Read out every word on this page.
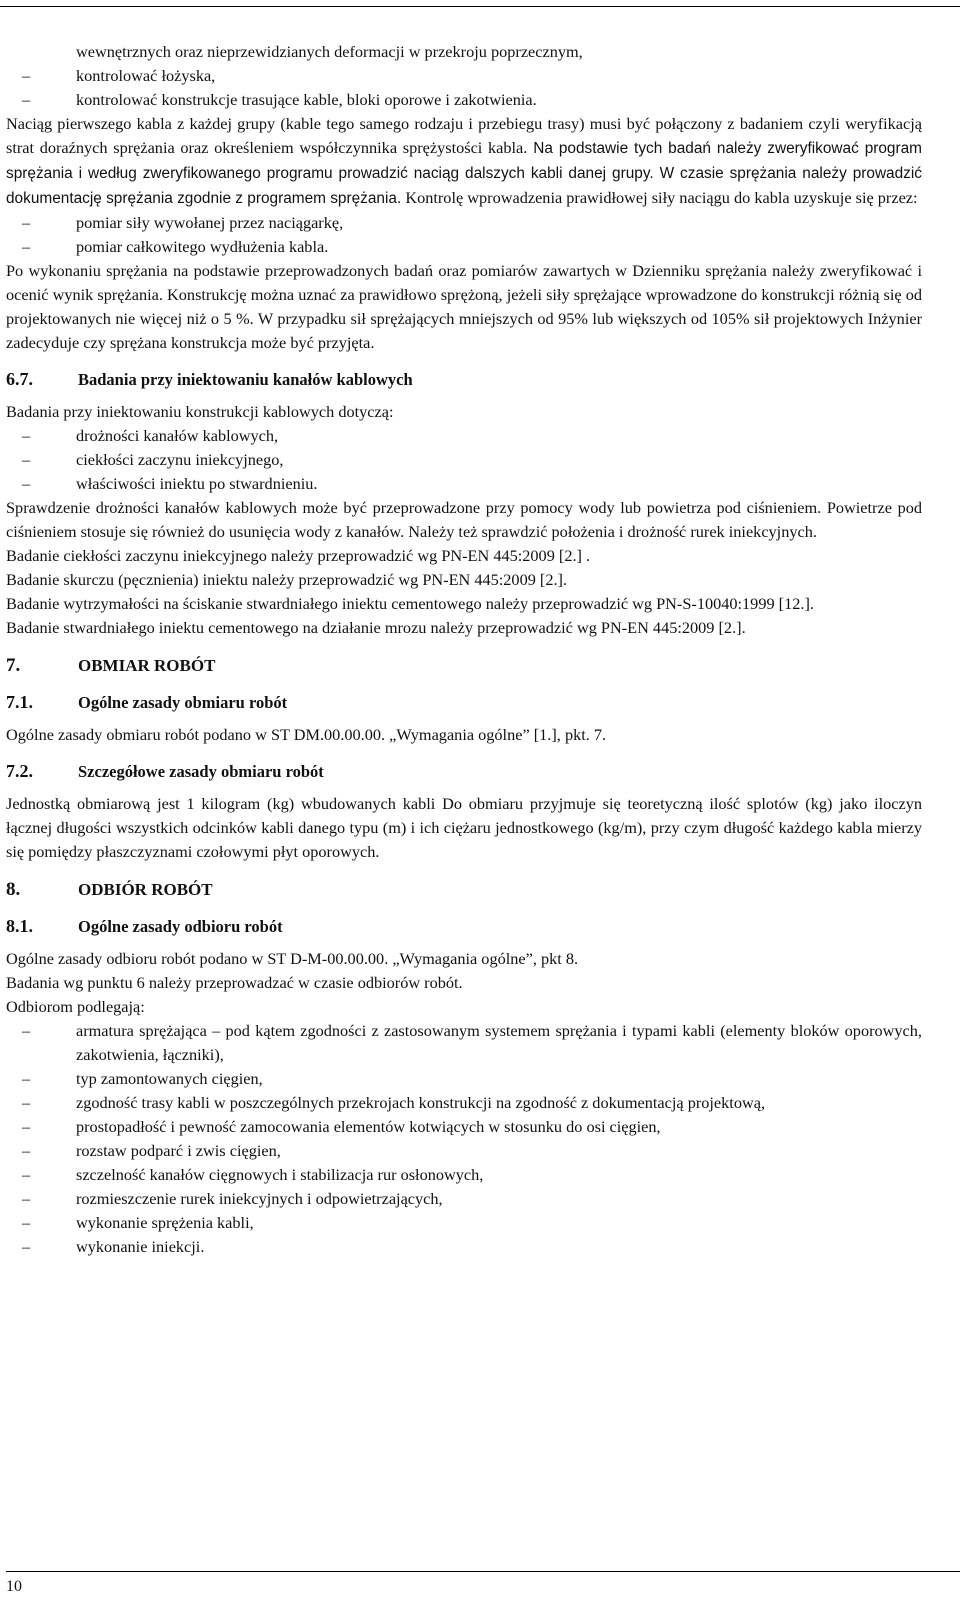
wewnętrznych oraz nieprzewidzianych deformacji w przekroju poprzecznym,
–	kontrolować łożyska,
–	kontrolować konstrukcje trasujące kable, bloki oporowe i zakotwienia.

Naciąg pierwszego kabla z każdej grupy (kable tego samego rodzaju i przebiegu trasy) musi być połączony z badaniem czyli weryfikacją strat doraźnych sprężania oraz określeniem współczynnika sprężystości kabla. Na podstawie tych badań należy zweryfikować program sprężania i według zweryfikowanego programu prowadzić naciąg dalszych kabli danej grupy. W czasie sprężania należy prowadzić dokumentację sprężania zgodnie z programem sprężania. Kontrolę wprowadzenia prawidłowej siły naciągu do kabla uzyskuje się przez:

–	pomiar siły wywołanej przez naciągarkę,
–	pomiar całkowitego wydłużenia kabla.

Po wykonaniu sprężania na podstawie przeprowadzonych badań oraz pomiarów zawartych w Dzienniku sprężania należy zweryfikować i ocenić wynik sprężania. Konstrukcję można uznać za prawidłowo sprężoną, jeżeli siły sprężające wprowadzone do konstrukcji różnią się od projektowanych nie więcej niż o 5 %. W przypadku sił sprężających mniejszych od 95% lub większych od 105% sił projektowych Inżynier zadecyduje czy sprężana konstrukcja może być przyjęta.

6.7.	Badania przy iniektowaniu kanałów kablowych

Badania przy iniektowaniu konstrukcji kablowych dotyczą:

–	drożności kanałów kablowych,
–	ciekłości zaczynu iniekcyjnego,
–	właściwości iniektu po stwardnieniu.

Sprawdzenie drożności kanałów kablowych może być przeprowadzone przy pomocy wody lub powietrza pod ciśnieniem. Powietrze pod ciśnieniem stosuje się również do usunięcia wody z kanałów. Należy też sprawdzić położenia i drożność rurek iniekcyjnych.

Badanie ciekłości zaczynu iniekcyjnego należy przeprowadzić wg PN-EN 445:2009 [2.] .

Badanie skurczu (pęcznienia) iniektu należy przeprowadzić wg PN-EN 445:2009 [2.].

Badanie wytrzymałości na ściskanie stwardniałego iniektu cementowego należy przeprowadzić wg PN-S-10040:1999 [12.].

Badanie stwardniałego iniektu cementowego na działanie mrozu należy przeprowadzić wg PN-EN 445:2009 [2.].

7.	OBMIAR ROBÓT
7.1.	Ogólne zasady obmiaru robót

Ogólne zasady obmiaru robót podano w ST DM.00.00.00. „Wymagania ogólne” [1.], pkt. 7.

7.2.	Szczegółowe zasady obmiaru robót

Jednostką obmiarową jest 1 kilogram (kg) wbudowanych kabli Do obmiaru przyjmuje się teoretyczną ilość splotów (kg) jako iloczyn łącznej długości wszystkich odcinków kabli danego typu (m) i ich ciężaru jednostkowego (kg/m), przy czym długość każdego kabla mierzy się pomiędzy płaszczyznami czołowymi płyt oporowych.

8.	ODBIÓR ROBÓT
8.1.	Ogólne zasady odbioru robót

Ogólne zasady odbioru robót podano w ST D-M-00.00.00. „Wymagania ogólne”, pkt 8.

Badania wg punktu 6 należy przeprowadzać w czasie odbiorów robót.

Odbiorom podlegają:

–	armatura sprężająca – pod kątem zgodności z zastosowanym systemem sprężania i typami kabli (elementy bloków oporowych, zakotwienia, łączniki),
–	typ zamontowanych cięgien,
–	zgodność trasy kabli w poszczególnych przekrojach konstrukcji na zgodność z dokumentacją projektową,
–	prostopadłość i pewność zamocowania elementów kotwiących w stosunku do osi cięgien,
–	rozstaw podparć i zwis cięgien,
–	szczelność kanałów cięgnowych i stabilizacja rur osłonowych,
–	rozmieszczenie rurek iniekcyjnych i odpowietrzających,
–	wykonanie sprężenia kabli,
–	wykonanie iniekcji.
10
